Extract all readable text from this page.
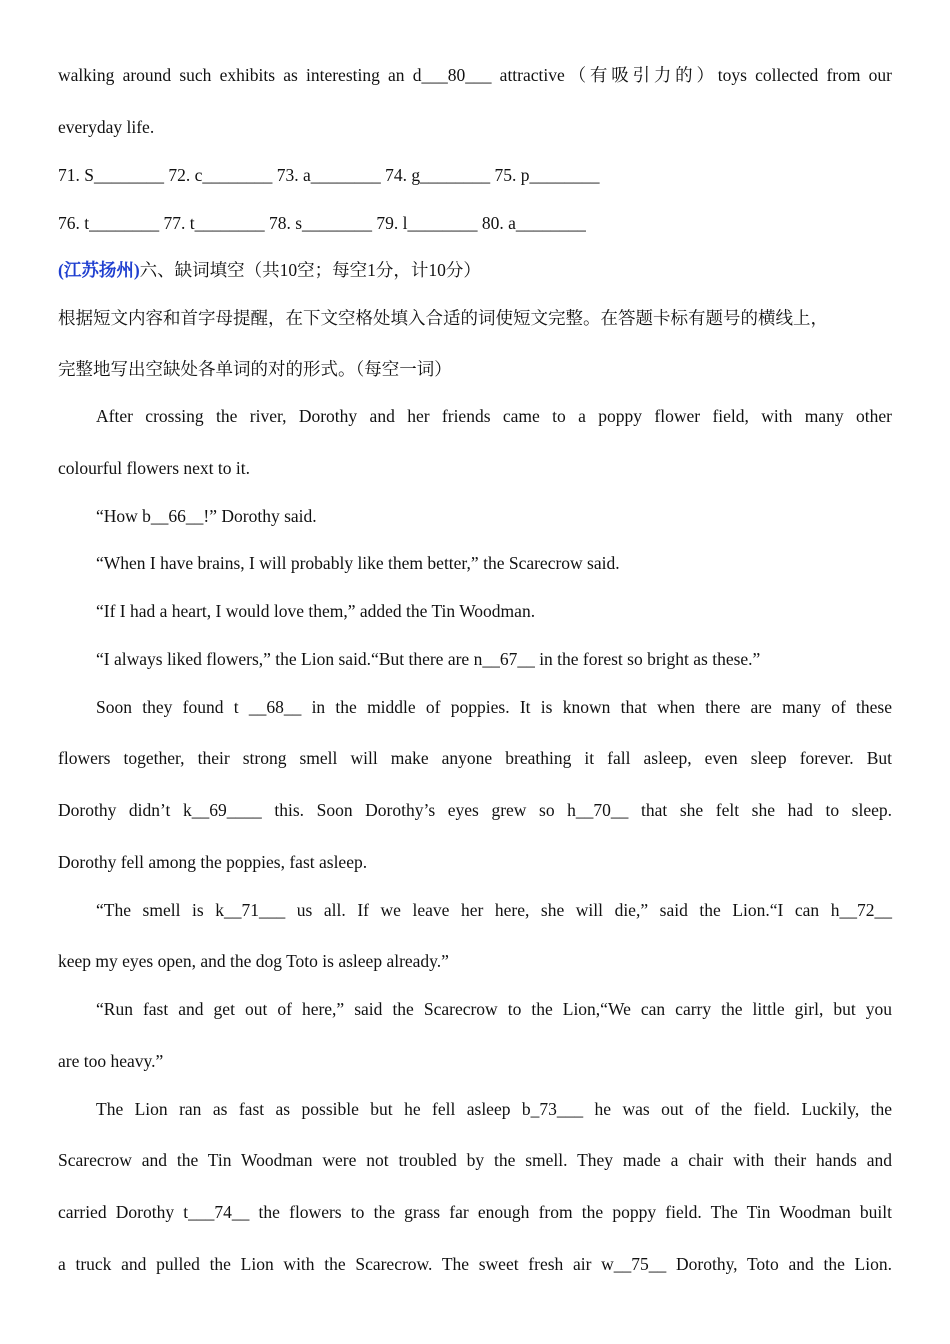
walking around such exhibits as interesting an d___80___ attractive（有吸引力的）toys collected from our
everyday life.
71. S________ 72. c________ 73. a________ 74. g________ 75. p________
76. t________ 77. t________ 78. s________ 79. l________ 80. a________
(江苏扬州)六、缺词填空（共10空；每空1分，计10分）
根据短文内容和首字母提醒，在下文空格处填入合适的词使短文完整。在答题卡标有题号的横线上，
完整地写出空缺处各单词的对的形式。（每空一词）
After crossing the river, Dorothy and her friends came to a poppy flower field, with many other
colourful flowers next to it.
“How b__66__!” Dorothy said.
“When I have brains, I will probably like them better,” the Scarecrow said.
“If I had a heart, I would love them,” added the Tin Woodman.
“I always liked flowers,” the Lion said.“But there are n__67__ in the forest so bright as these.”
Soon they found t __68__ in the middle of poppies. It is known that when there are many of these
flowers together, their strong smell will make anyone breathing it fall asleep, even sleep forever. But
Dorothy didn’t k__69____ this. Soon Dorothy’s eyes grew so h__70__ that she felt she had to sleep.
Dorothy fell among the poppies, fast asleep.
“The smell is k__71___ us all. If we leave her here, she will die,” said the Lion.“I can h__72__
keep my eyes open, and the dog Toto is asleep already.”
“Run fast and get out of here,” said the Scarecrow to the Lion,“We can carry the little girl, but you
are too heavy.”
The Lion ran as fast as possible but he fell asleep b_73___ he was out of the field. Luckily, the
Scarecrow and the Tin Woodman were not troubled by the smell. They made a chair with their hands and
carried Dorothy t___74__ the flowers to the grass far enough from the poppy field. The Tin Woodman built
a truck and pulled the Lion with the Scarecrow. The sweet fresh air w__75__ Dorothy, Toto and the Lion.
